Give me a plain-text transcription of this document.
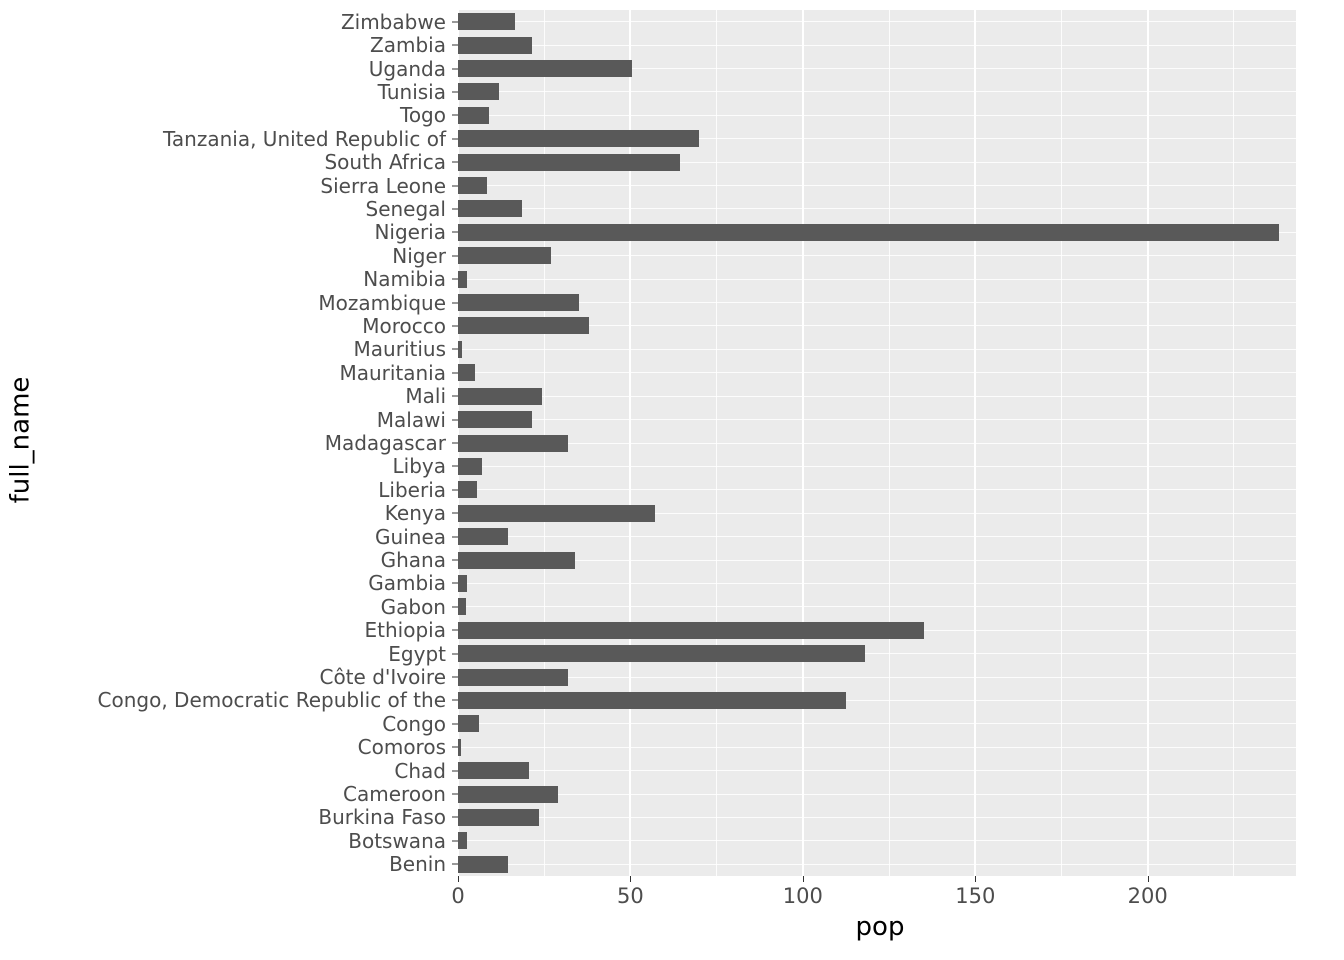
full_name
Zimbabwe
Zambia
Uganda
Tunisia
Togo
Tanzania, United Republic of
South Africa
Sierra Leone
Senegal
Nigeria
Niger
Namibia
Mozambique
Morocco
Mauritius
Mauritania
Mali
Malawi
Madagascar
Libya
Liberia
Kenya
Guinea
Ghana
Gambia
Gabon
Ethiopia
Egypt
Côte d'Ivoire
Congo, Democratic Republic of the
Congo
Comoros
Chad
Cameroon
Burkina Faso
Botswana
Benin
0	50	100	150	200
pop
